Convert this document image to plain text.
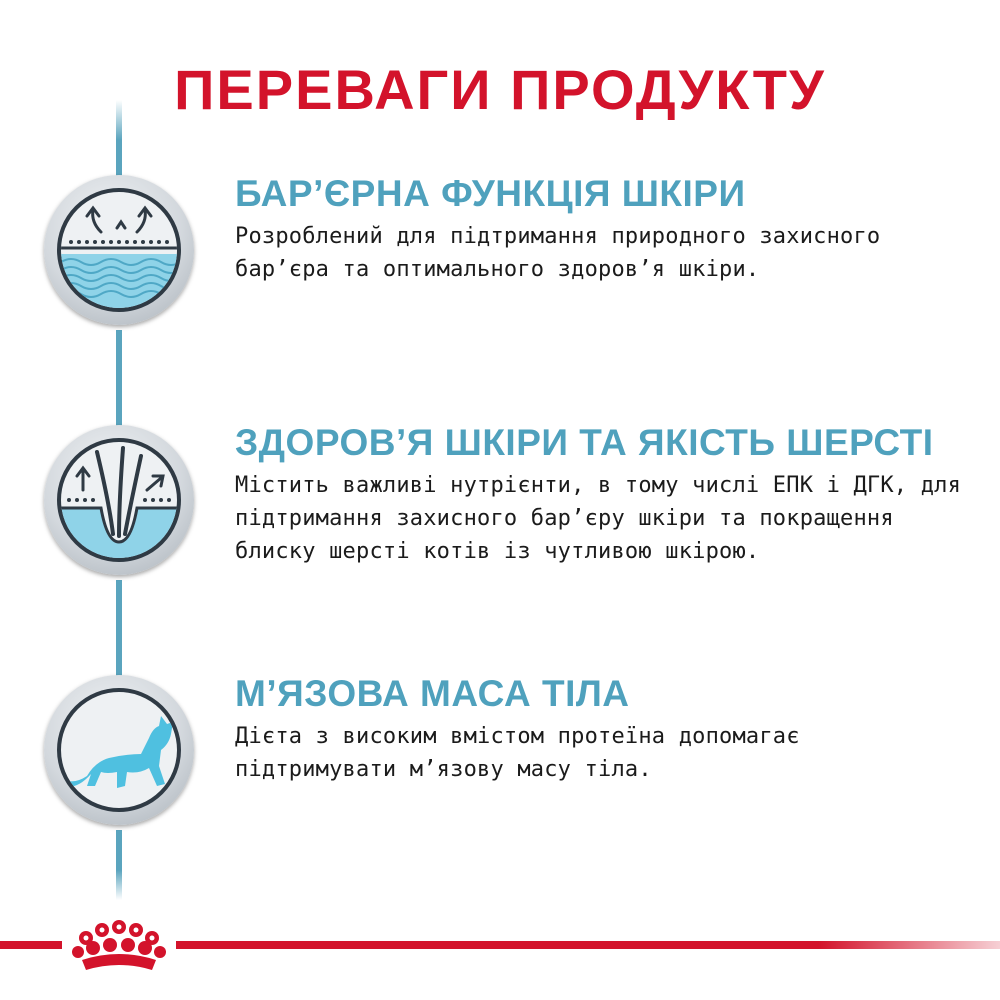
ПЕРЕВАГИ ПРОДУКТУ
БАР’ЄРНА ФУНКЦІЯ ШКІРИ

Розроблений для підтримання природного захисного
бар’єра та оптимального здоров’я шкіри.

ЗДОРОВ’Я ШКІРИ ТА ЯКІСТЬ ШЕРСТІ

Містить важливі нутрієнти, в тому числі ЕПК і ДГК, для
підтримання захисного бар’єру шкіри та покращення
блиску шерсті котів із чутливою шкірою.

М’ЯЗОВА МАСА ТІЛА

Дієта з високим вмістом протеїна допомагає
підтримувати м’язову масу тіла.
